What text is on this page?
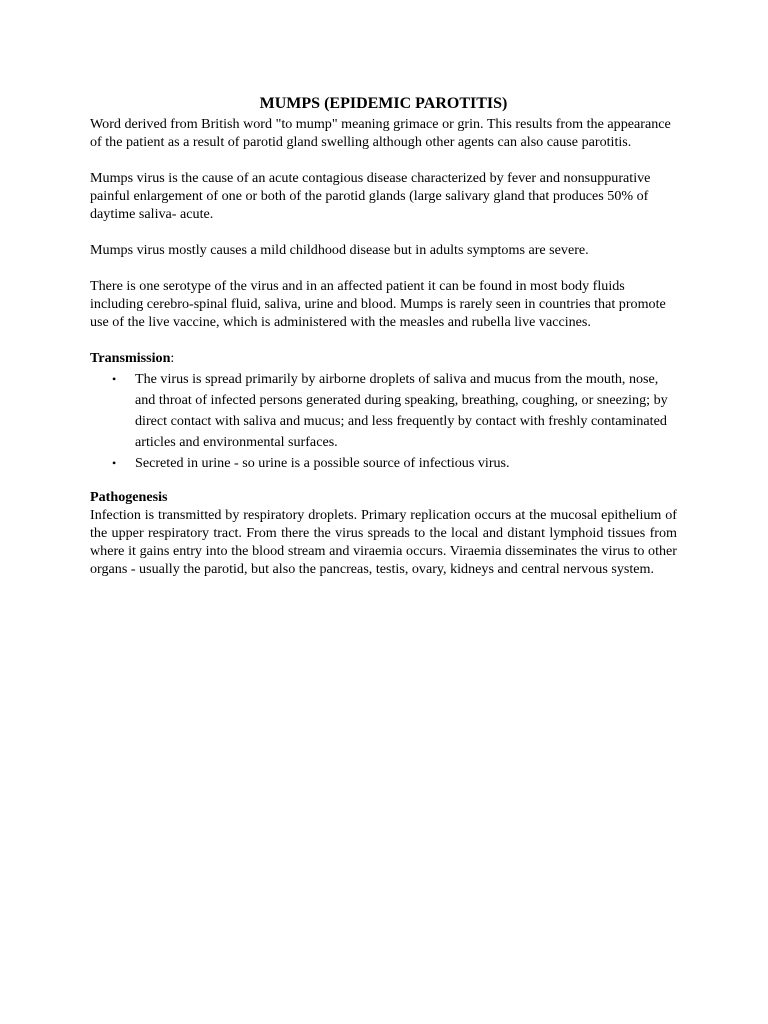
MUMPS (EPIDEMIC PAROTITIS)

Word derived from British word "to mump" meaning grimace or grin. This results from the appearance of the patient as a result of parotid gland swelling although other agents can also cause parotitis.

Mumps virus is the cause of an acute contagious disease characterized by fever and nonsuppurative painful enlargement of one or both of the parotid glands (large salivary gland that produces 50% of daytime saliva- acute.

Mumps virus mostly causes a mild childhood disease but in adults symptoms are severe.

There is one serotype of the virus and in an affected patient it can be found in most body fluids including cerebro-spinal fluid, saliva, urine and blood. Mumps is rarely seen in countries that promote use of the live vaccine, which is administered with the measles and rubella live vaccines.

Transmission:
• The virus is spread primarily by airborne droplets of saliva and mucus from the mouth, nose, and throat of infected persons generated during speaking, breathing, coughing, or sneezing; by direct contact with saliva and mucus; and less frequently by contact with freshly contaminated articles and environmental surfaces.
• Secreted in urine - so urine is a possible source of infectious virus.
Pathogenesis

Infection is transmitted by respiratory droplets. Primary replication occurs at the mucosal epithelium of the upper respiratory tract. From there the virus spreads to the local and distant lymphoid tissues from where it gains entry into the blood stream and viraemia occurs. Viraemia disseminates the virus to other organs - usually the parotid, but also the pancreas, testis, ovary, kidneys and central nervous system.
